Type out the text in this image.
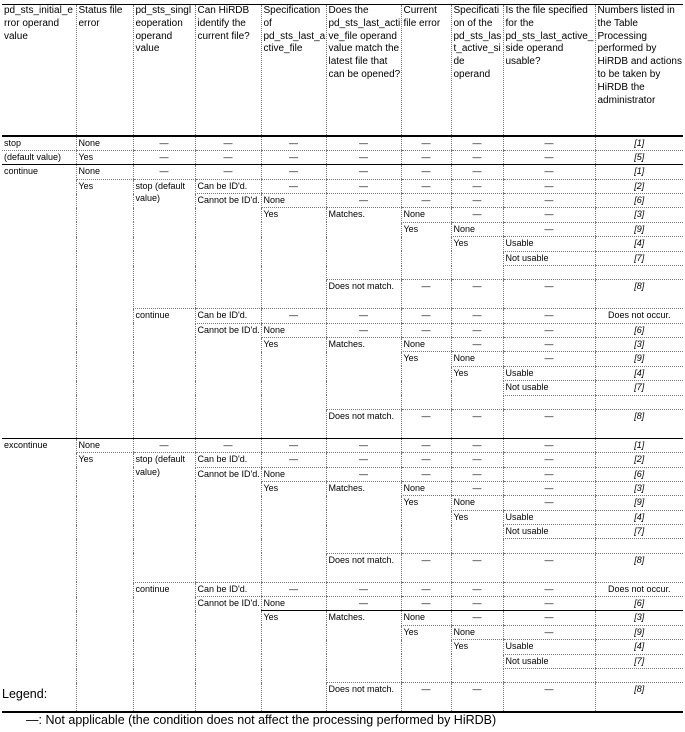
pd_sts_initial_error operand value	Status file error	pd_sts_singleoperation operand value	Can HiRDB identify the current file?	Specification of pd_sts_last_active_file	Does the pd_sts_last_active_file operand value match the latest file that can be opened?	Current file error	Specification of the pd_sts_last_active_side operand	Is the file specified for the pd_sts_last_active_side operand usable?	Numbers listed in the Table Processing performed by HiRDB and actions to be taken by HiRDB the administrator
stop	None	—	—	—	—	—	—	—	[1]
(default value)	Yes	—	—	—	—	—	—	—	[5]
continue	None	—	—	—	—	—	—	—	[1]
	Yes	stop (default value)	Can be ID'd.	—	—	—	—	—	[2]
			Cannot be ID'd.	None	—	—	—	—	[6]
				Yes	Matches.	None	—	—	[3]
						Yes	None	—	[9]
							Yes	Usable	[4]
								Not usable	[7]

					Does not match.	—	—	—	[8]
		continue	Can be ID'd.	—	—	—	—	—	Does not occur.
			Cannot be ID'd.	None	—	—	—	—	[6]
				Yes	Matches.	None	—	—	[3]
						Yes	None	—	[9]
							Yes	Usable	[4]
								Not usable	[7]

					Does not match.	—	—	—	[8]
excontinue	None	—	—	—	—	—	—	—	[1]
	Yes	stop (default value)	Can be ID'd.	—	—	—	—	—	[2]
			Cannot be ID'd.	None	—	—	—	—	[6]
				Yes	Matches.	None	—	—	[3]
						Yes	None	—	[9]
							Yes	Usable	[4]
								Not usable	[7]

					Does not match.	—	—	—	[8]
		continue	Can be ID'd.	—	—	—	—	—	Does not occur.
			Cannot be ID'd.	None	—	—	—	—	[6]
				Yes	Matches.	None	—	—	[3]
						Yes	None	—	[9]
							Yes	Usable	[4]
								Not usable	[7]

					Does not match.	—	—	—	[8]

Legend:

—: Not applicable (the condition does not affect the processing performed by HiRDB)
